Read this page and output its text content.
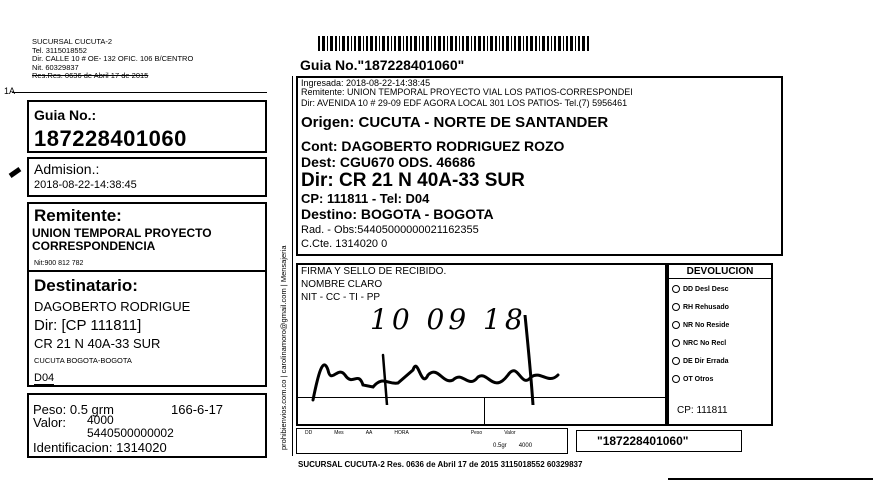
SUCURSAL CUCUTA-2
Tel. 3115018552
Dir. CALLE 10 # OE- 132 OFIC. 106 B/CENTRO
Nit. 60329837
Res.Res. 0636 de Abril 17 de 2015
1A
Guia No.:
187228401060
Admision.:
2018-08-22-14:38:45
Remitente:
UNION TEMPORAL PROYECTO CORRESPONDENCIA
Nit:900 812 782
Destinatario:
DAGOBERTO RODRIGUE
Dir: [CP 111811]
CR 21 N 40A-33 SUR
CUCUTA BOGOTA-BOGOTA
D04
Peso: 0.5 grm	166-6-17
Valor: 4000
5440500000002
Identificacion: 1314020
Guia No."187228401060"
Ingresada: 2018-08-22-14:38:45
Remitente: UNION TEMPORAL PROYECTO VIAL LOS PATIOS-CORRESPONDEI
Dir: AVENIDA 10 # 29-09 EDF AGORA LOCAL 301 LOS PATIOS- Tel.(7) 5956461
Origen: CUCUTA - NORTE DE SANTANDER
Cont: DAGOBERTO RODRIGUEZ ROZO
Dest: CGU670 ODS. 46686
Dir: CR 21 N 40A-33 SUR
CP: 111811 - Tel: D04
Destino: BOGOTA - BOGOTA
Rad. - Obs:5440500000002116​2355
C.Cte. 1314020 0
prohibienvios.com.co | carolinamoro@gmail.com | Mensajeria FIRMA Y SELLO DE RECIBIDO.
NOMBRE CLARO
NIT - CC - TI - PP
10 09 18
DEVOLUCION
DD Desl Desc
RH Rehusado
NR No Reside
NRC No Recl
DE Dir Errada
OT Otros
CP: 111811
DD	Mes	AA	HORA	Peso	Valor
0.5gr 4000	"187228401060"
SUCURSAL CUCUTA-2 Res. 0636 de Abril 17 de 2015 3115018552 60329837
